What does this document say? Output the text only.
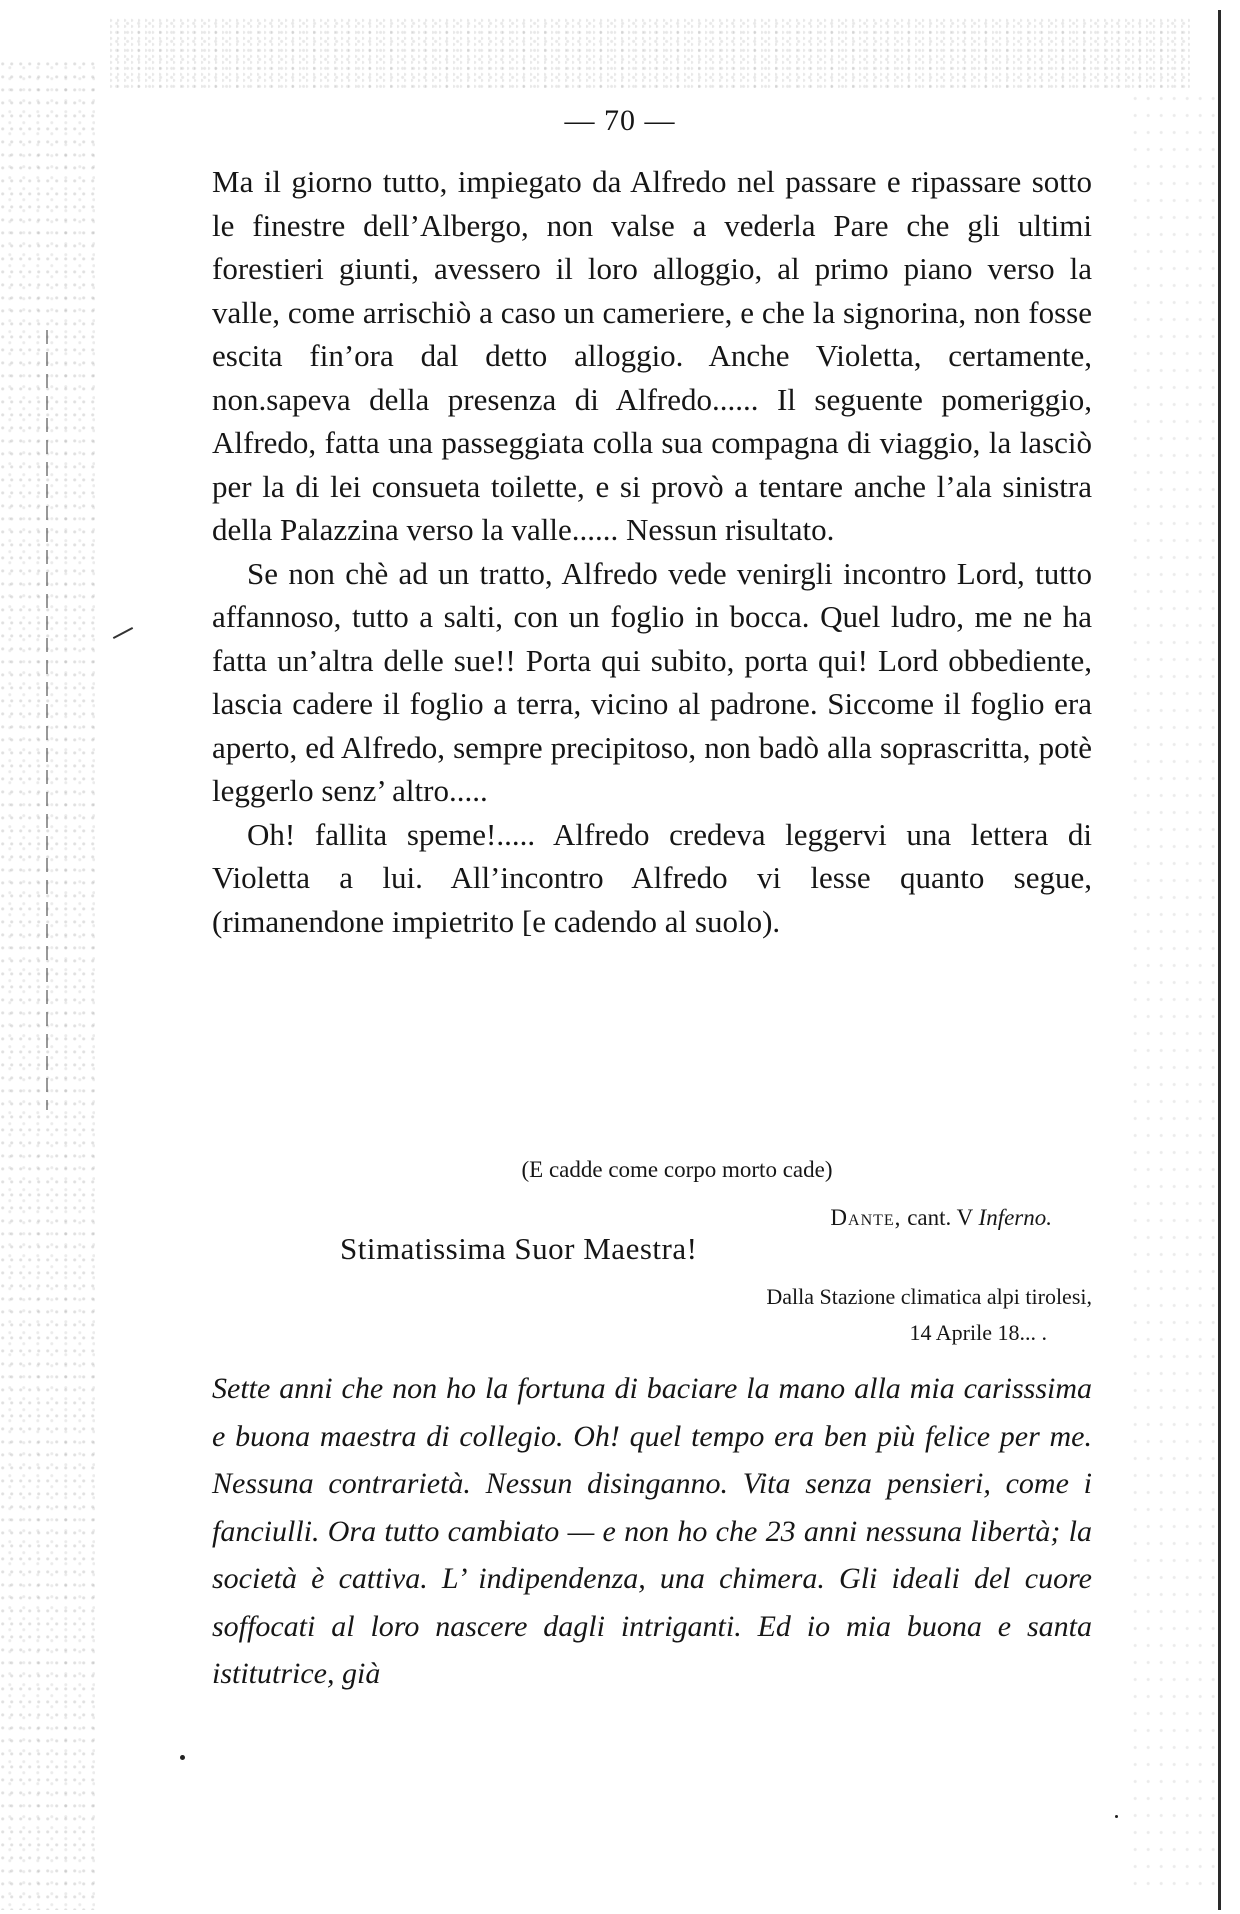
— 70 —

Ma il giorno tutto, impiegato da Alfredo nel passare e ripassare sotto le finestre dell’Albergo, non valse a vederla Pare che gli ultimi forestieri giunti, avessero il loro alloggio, al primo piano verso la valle, come arrischiò a caso un cameriere, e che la signorina, non fosse escita fin’ora dal detto alloggio. Anche Violetta, certamente, non.sapeva della presenza di Alfredo...... Il seguente pomeriggio, Alfredo, fatta una passeggiata colla sua compagna di viaggio, la lasciò per la di lei consueta toilette, e si provò a tentare anche l’ala sinistra della Palazzina verso la valle...... Nessun risultato.

Se non chè ad un tratto, Alfredo vede venirgli incontro Lord, tutto affannoso, tutto a salti, con un foglio in bocca. Quel ludro, me ne ha fatta un’altra delle sue!! Porta qui subito, porta qui! Lord obbediente, lascia cadere il foglio a terra, vicino al padrone. Siccome il foglio era aperto, ed Alfredo, sempre precipitoso, non badò alla soprascritta, potè leggerlo senz’ altro.....

Oh! fallita speme!..... Alfredo credeva leggervi una lettera di Violetta a lui. All’incontro Alfredo vi lesse quanto segue, (rimanendone impietrito [e cadendo al suolo).

(E cadde come corpo morto cade)
Dante, cant. V Inferno.
Stimatissima Suor Maestra!
Dalla Stazione climatica alpi tirolesi,
14 Aprile 18... .

Sette anni che non ho la fortuna di baciare la mano alla mia carisssima e buona maestra di collegio. Oh! quel tempo era ben più felice per me. Nessuna contrarietà. Nessun disinganno. Vita senza pensieri, come i fanciulli. Ora tutto cambiato — e non ho che 23 anni nessuna libertà; la società è cattiva. L’ indipendenza, una chimera. Gli ideali del cuore soffocati al loro nascere dagli intriganti. Ed io mia buona e santa istitutrice, già
